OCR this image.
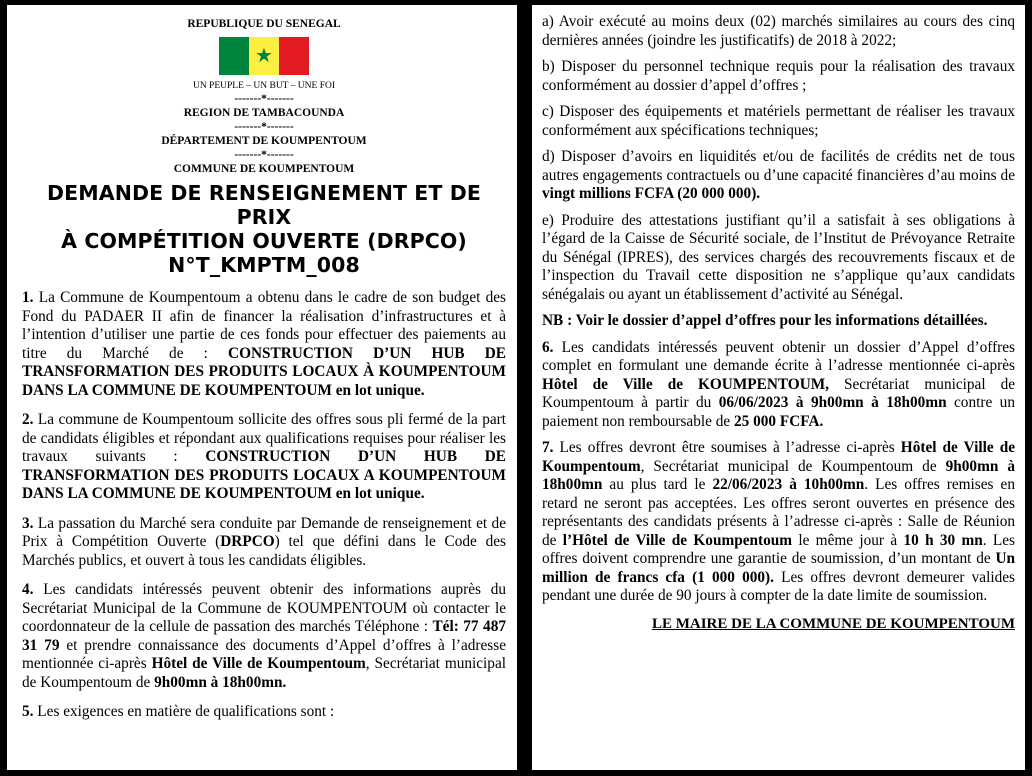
REPUBLIQUE DU SENEGAL
★
UN PEUPLE – UN BUT – UNE FOI
-------*-------
REGION DE TAMBACOUNDA
-------*-------
DÉPARTEMENT DE KOUMPENTOUM
-------*-------
COMMUNE DE KOUMPENTOUM
DEMANDE DE RENSEIGNEMENT ET DE PRIX
À COMPÉTITION OUVERTE (DRPCO)
N°T_KMPTM_008

1. La Commune de Koumpentoum a obtenu dans le cadre de son budget des Fond du PADAER II afin de financer la réalisation d’infrastructures et à l’intention d’utiliser une partie de ces fonds pour effectuer des paiements au titre du Marché de : CONSTRUCTION D’UN HUB DE TRANSFORMATION DES PRODUITS LOCAUX À KOUMPENTOUM DANS LA COMMUNE DE KOUMPENTOUM en lot unique.

2. La commune de Koumpentoum sollicite des offres sous pli fermé de la part de candidats éligibles et répondant aux qualifications requises pour réaliser les travaux suivants : CONSTRUCTION D’UN HUB DE TRANSFORMATION DES PRODUITS LOCAUX A KOUMPENTOUM DANS LA COMMUNE DE KOUMPENTOUM en lot unique.

3. La passation du Marché sera conduite par Demande de renseignement et de Prix à Compétition Ouverte (DRPCO) tel que défini dans le Code des Marchés publics, et ouvert à tous les candidats éligibles.

4. Les candidats intéressés peuvent obtenir des informations auprès du Secrétariat Municipal de la Commune de KOUMPENTOUM où contacter le coordonnateur de la cellule de passation des marchés Téléphone : Tél: 77 487 31 79 et prendre connaissance des documents d’Appel d’offres à l’adresse mentionnée ci-après Hôtel de Ville de Koumpentoum, Secrétariat municipal de Koumpentoum de 9h00mn à 18h00mn.

5. Les exigences en matière de qualifications sont :

a) Avoir exécuté au moins deux (02) marchés similaires au cours des cinq dernières années (joindre les justificatifs) de 2018 à 2022;

b) Disposer du personnel technique requis pour la réalisation des travaux conformément au dossier d’appel d’offres ;

c) Disposer des équipements et matériels permettant de réaliser les travaux conformément aux spécifications techniques;

d) Disposer d’avoirs en liquidités et/ou de facilités de crédits net de tous autres engagements contractuels ou d’une capacité financières d’au moins de vingt millions FCFA (20 000 000).

e) Produire des attestations justifiant qu’il a satisfait à ses obligations à l’égard de la Caisse de Sécurité sociale, de l’Institut de Prévoyance Retraite du Sénégal (IPRES), des services chargés des recouvrements fiscaux et de l’inspection du Travail cette disposition ne s’applique qu’aux candidats sénégalais ou ayant un établissement d’activité au Sénégal.

NB : Voir le dossier d’appel d’offres pour les informations détaillées.

6. Les candidats intéressés peuvent obtenir un dossier d’Appel d’offres complet en formulant une demande écrite à l’adresse mentionnée ci-après Hôtel de Ville de KOUMPENTOUM, Secrétariat municipal de Koumpentoum à partir du 06/06/2023 à 9h00mn à 18h00mn contre un paiement non remboursable de 25 000 FCFA.

7. Les offres devront être soumises à l’adresse ci-après Hôtel de Ville de Koumpentoum, Secrétariat municipal de Koumpentoum de 9h00mn à 18h00mn au plus tard le 22/06/2023 à 10h00mn. Les offres remises en retard ne seront pas acceptées. Les offres seront ouvertes en présence des représentants des candidats présents à l’adresse ci-après : Salle de Réunion de l’Hôtel de Ville de Koumpentoum le même jour à 10 h 30 mn. Les offres doivent comprendre une garantie de soumission, d’un montant de Un million de francs cfa (1 000 000). Les offres devront demeurer valides pendant une durée de 90 jours à compter de la date limite de soumission.

LE MAIRE DE LA COMMUNE DE KOUMPENTOUM
